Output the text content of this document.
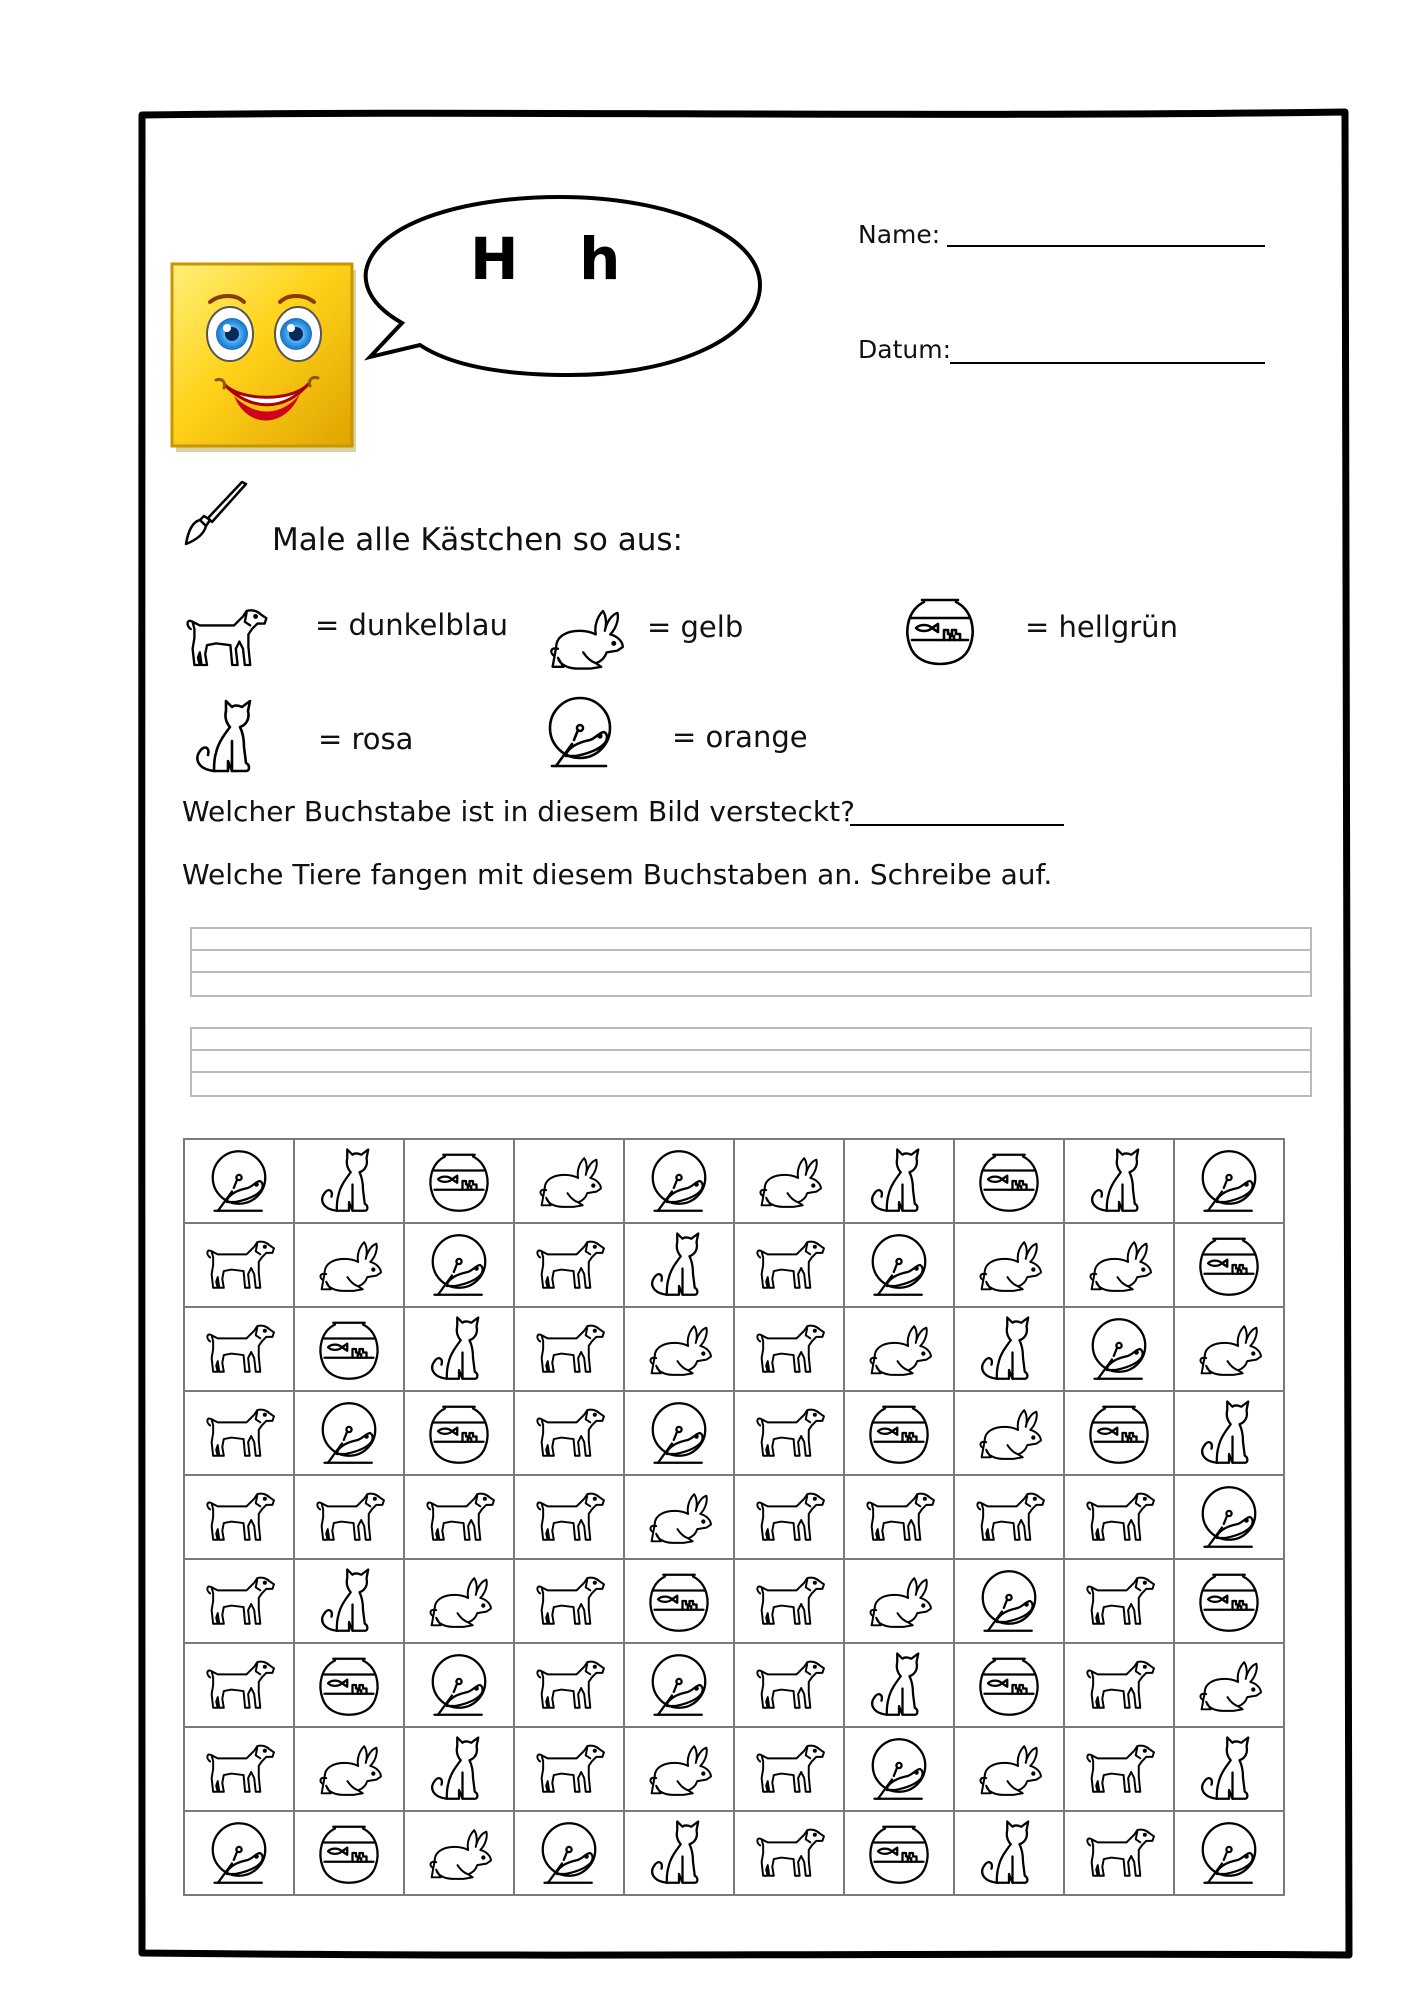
H   h	Name:
Datum:
Male alle Kästchen so aus:
= dunkelblau	= gelb	= hellgrün
= rosa	= orange
Welcher Buchstabe ist in diesem Bild versteckt?
Welche Tiere fangen mit diesem Buchstaben an. Schreibe auf.
